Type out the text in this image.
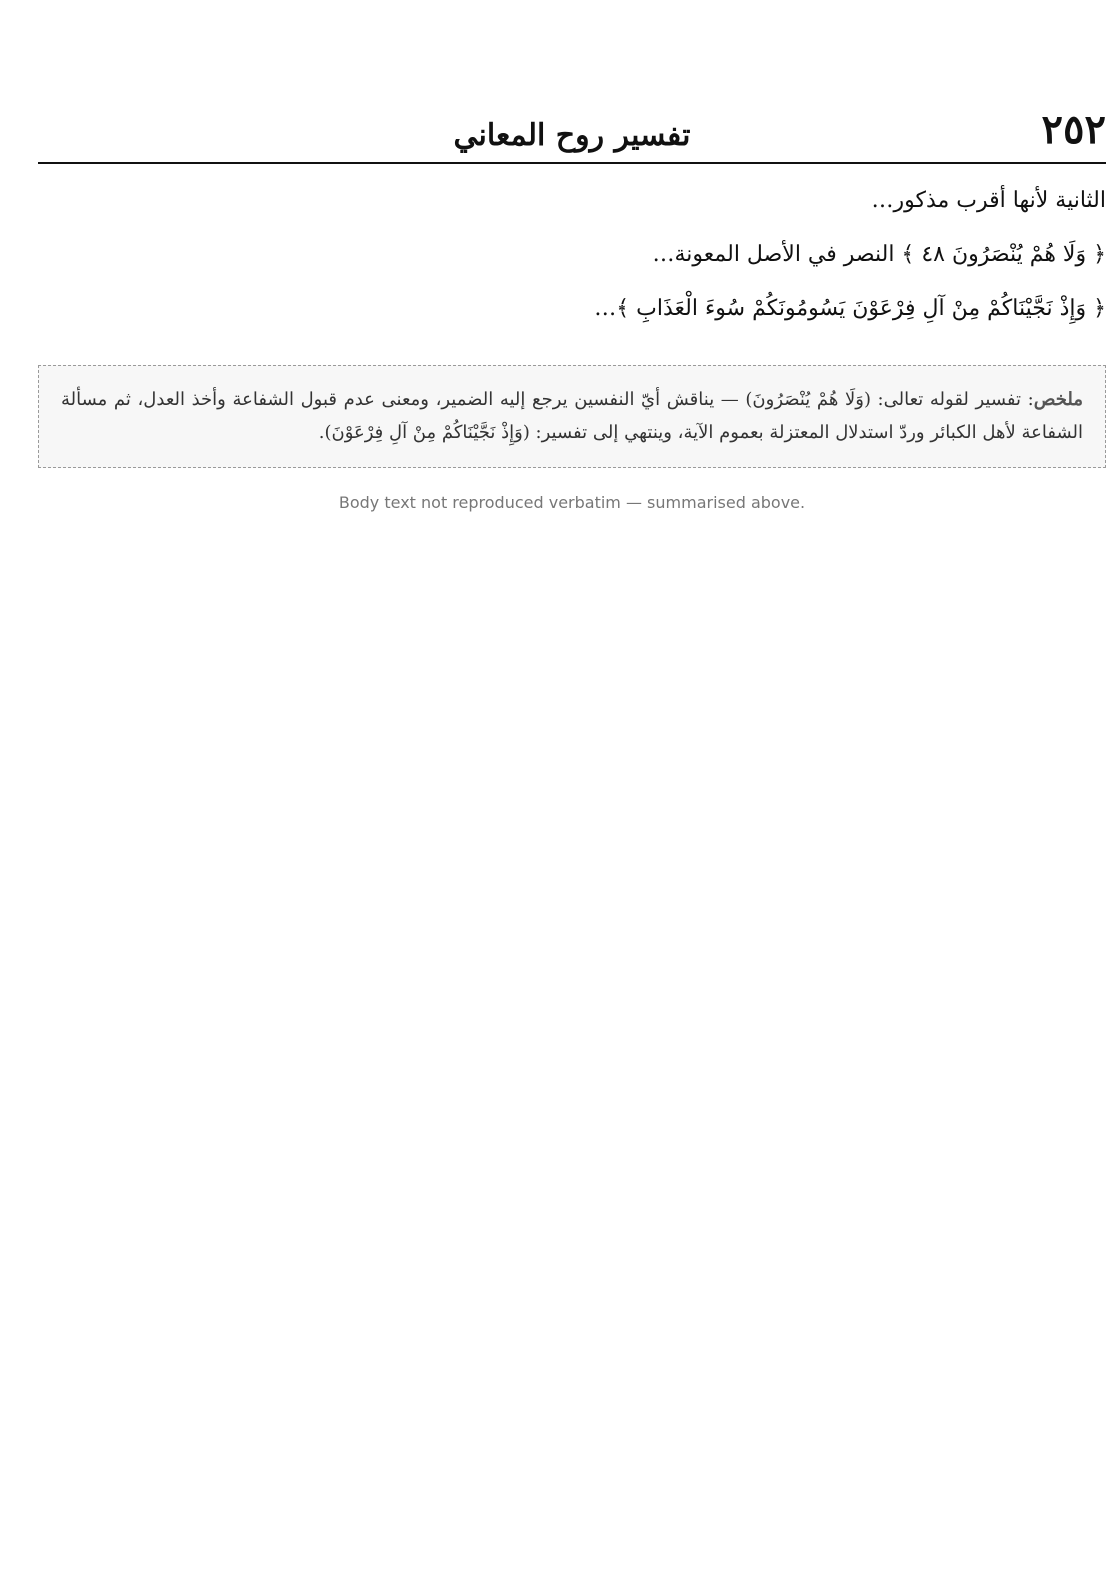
٢٥٢
تفسير روح المعاني

الثانية لأنها أقرب مذكور…

﴿ وَلَا هُمْ يُنْصَرُونَ ٤٨ ﴾ النصر في الأصل المعونة…

﴿ وَإِذْ نَجَّيْنَاكُمْ مِنْ آلِ فِرْعَوْنَ يَسُومُونَكُمْ سُوءَ الْعَذَابِ ﴾…

ملخص: تفسير لقوله تعالى: (وَلَا هُمْ يُنْصَرُونَ) — يناقش أيّ النفسين يرجع إليه الضمير، ومعنى عدم قبول الشفاعة وأخذ العدل، ثم مسألة الشفاعة لأهل الكبائر وردّ استدلال المعتزلة بعموم الآية، وينتهي إلى تفسير: (وَإِذْ نَجَّيْنَاكُمْ مِنْ آلِ فِرْعَوْنَ).
Body text not reproduced verbatim — summarised above.
